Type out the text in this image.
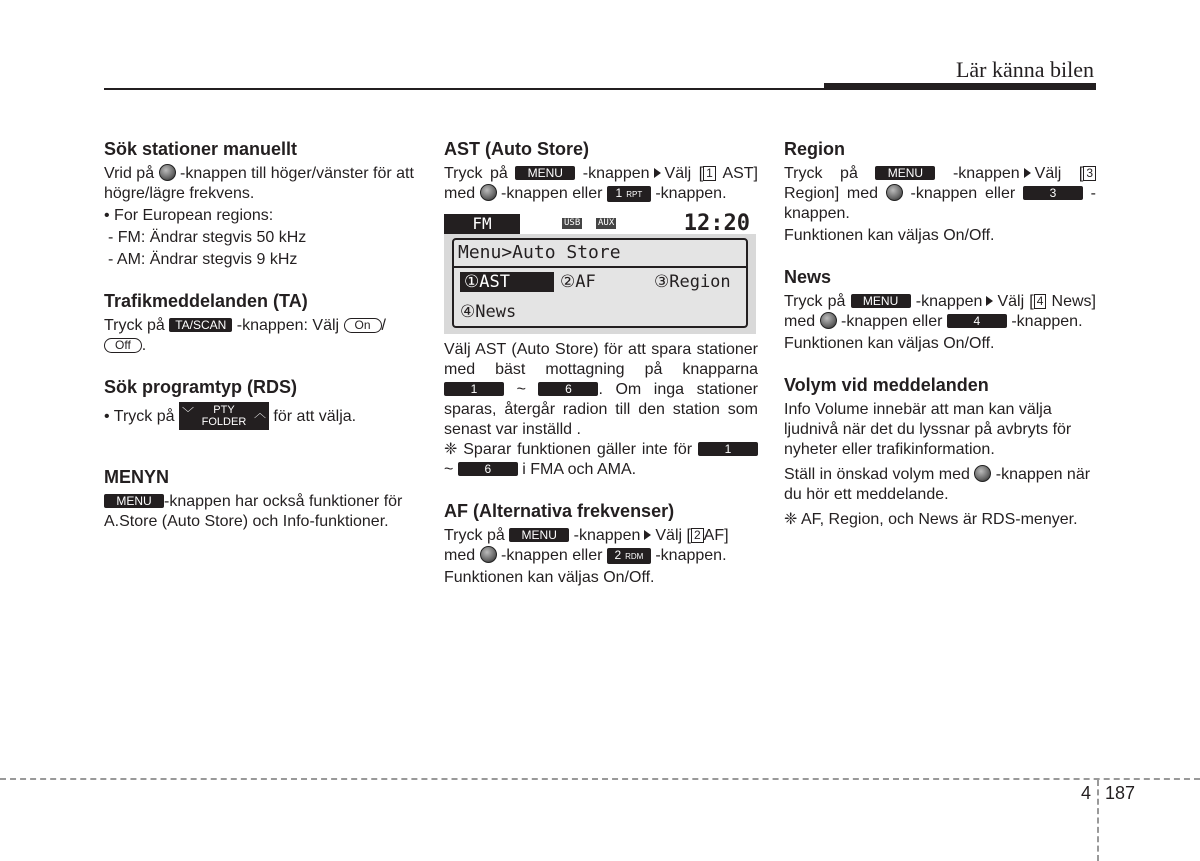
Lär känna bilen
Sök stationer manuellt

Vrid på -knappen till höger/vänster för att högre/lägre frekvens.

• For European regions:

- FM: Ändrar stegvis 50 kHz

- AM: Ändrar stegvis 9 kHz

Trafikmeddelanden (TA)

Tryck på TA/SCAN -knappen: Välj On /
Off .

Sök programtyp (RDS)

• Tryck på ﹀	PTY
FOLDER
︿ för att välja.

MENYN

MENU -knappen har också funktioner för A.Store (Auto Store) och Info-funktioner.

AST (Auto Store)

Tryck på MENU -knappen Välj [ 1 AST] med -knappen eller 1 RPT -knappen.

FM	USB AUX	12:20
Menu>Auto Store
①AST	②AF	③Region
④News

Välj AST (Auto Store) för att spara stationer med bäst mottagning på knapparna 1 ~	6 . Om inga stationer sparas, återgår radion till den station som senast var inställd .

❈ Sparar funktionen gäller inte för	1 ~	6 i FMA och AMA.

AF (Alternativa frekvenser)

Tryck på MENU -knappen Välj [ 2 AF] med -knappen eller 2 RDM -knappen.

Funktionen kan väljas On/Off.

Region

Tryck på MENU -knappen Välj [ 3 Region] med -knappen eller	3 -knappen.

Funktionen kan väljas On/Off.

News

Tryck på MENU -knappen Välj [ 4 News] med -knappen eller	4 -knappen.

Funktionen kan väljas On/Off.

Volym vid meddelanden

Info Volume innebär att man kan välja ljudnivå när det du lyssnar på avbryts för nyheter eller trafikinformation.

Ställ in önskad volym med -knappen när du hör ett meddelande.

❈ AF, Region, och News är RDS-menyer.

4 187
